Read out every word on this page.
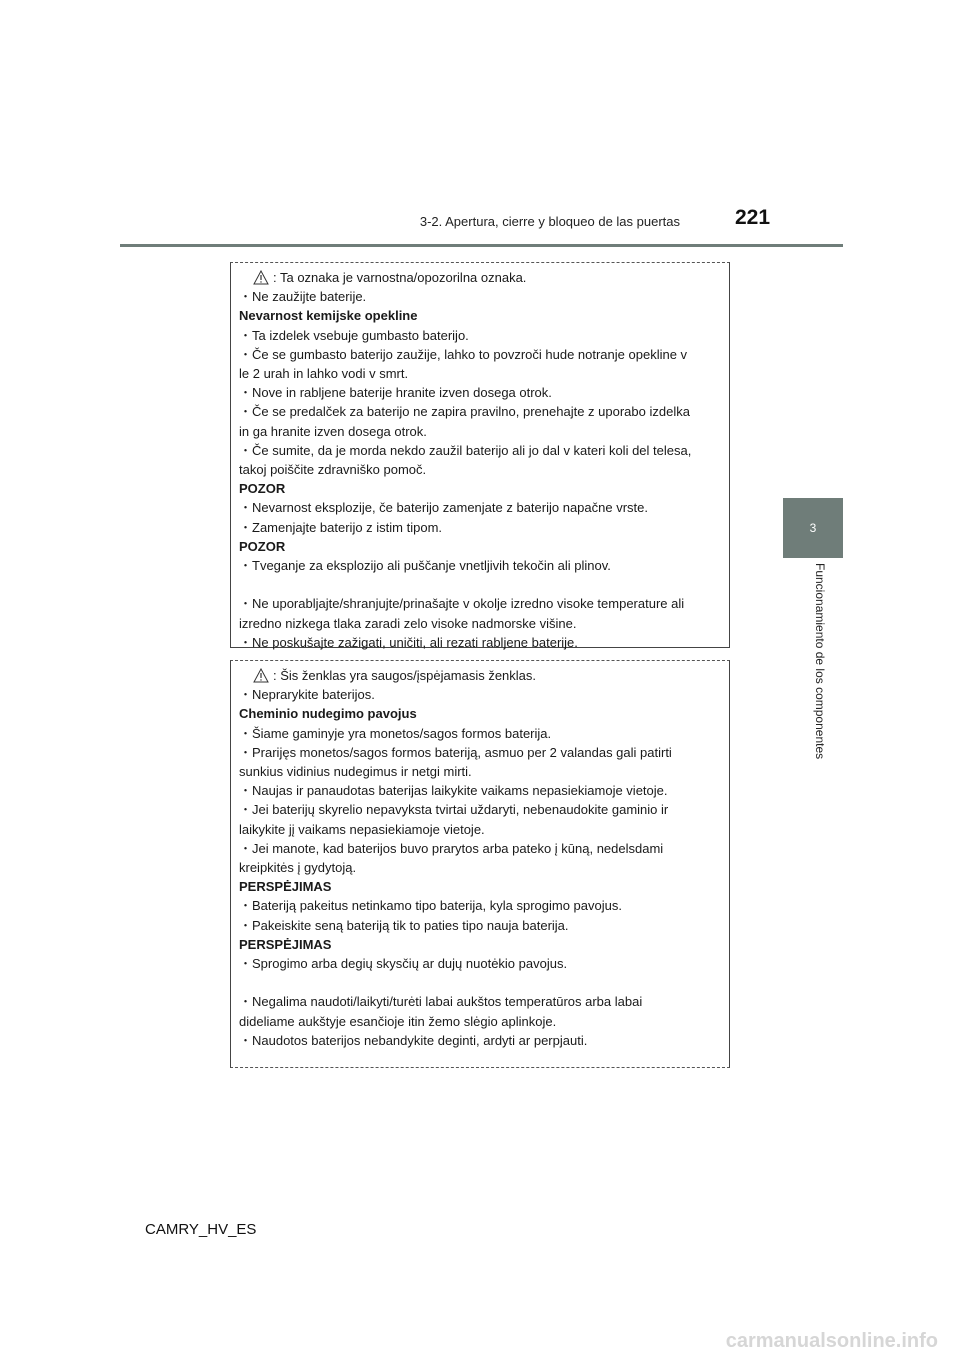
3-2. Apertura, cierre y bloqueo de las puertas	221
3
Funcionamiento de los componentes
: Ta oznaka je varnostna/opozorilna oznaka.
・Ne zaužijte baterije.
Nevarnost kemijske opekline
・Ta izdelek vsebuje gumbasto baterijo.
・Če se gumbasto baterijo zaužije, lahko to povzroči hude notranje opekline v
le 2 urah in lahko vodi v smrt.
・Nove in rabljene baterije hranite izven dosega otrok.
・Če se predalček za baterijo ne zapira pravilno, prenehajte z uporabo izdelka
in ga hranite izven dosega otrok.
・Če sumite, da je morda nekdo zaužil baterijo ali jo dal v kateri koli del telesa,
takoj poiščite zdravniško pomoč.
POZOR
・Nevarnost eksplozije, če baterijo zamenjate z baterijo napačne vrste.
・Zamenjajte baterijo z istim tipom.
POZOR
・Tveganje za eksplozijo ali puščanje vnetljivih tekočin ali plinov.
・Ne uporabljajte/shranjujte/prinašajte v okolje izredno visoke temperature ali
izredno nizkega tlaka zaradi zelo visoke nadmorske višine.
・Ne poskušajte zažigati, uničiti, ali rezati rabljene baterije.
: Šis ženklas yra saugos/įspėjamasis ženklas.
・Neprarykite baterijos.
Cheminio nudegimo pavojus
・Šiame gaminyje yra monetos/sagos formos baterija.
・Prarijęs monetos/sagos formos bateriją, asmuo per 2 valandas gali patirti
sunkius vidinius nudegimus ir netgi mirti.
・Naujas ir panaudotas baterijas laikykite vaikams nepasiekiamoje vietoje.
・Jei baterijų skyrelio nepavyksta tvirtai uždaryti, nebenaudokite gaminio ir
laikykite jį vaikams nepasiekiamoje vietoje.
・Jei manote, kad baterijos buvo prarytos arba pateko į kūną, nedelsdami
kreipkitės į gydytoją.
PERSPĖJIMAS
・Bateriją pakeitus netinkamo tipo baterija, kyla sprogimo pavojus.
・Pakeiskite seną bateriją tik to paties tipo nauja baterija.
PERSPĖJIMAS
・Sprogimo arba degių skysčių ar dujų nuotėkio pavojus.
・Negalima naudoti/laikyti/turėti labai aukštos temperatūros arba labai
dideliame aukštyje esančioje itin žemo slėgio aplinkoje.
・Naudotos baterijos nebandykite deginti, ardyti ar perpjauti.
CAMRY_HV_ES
carmanualsonline.info
